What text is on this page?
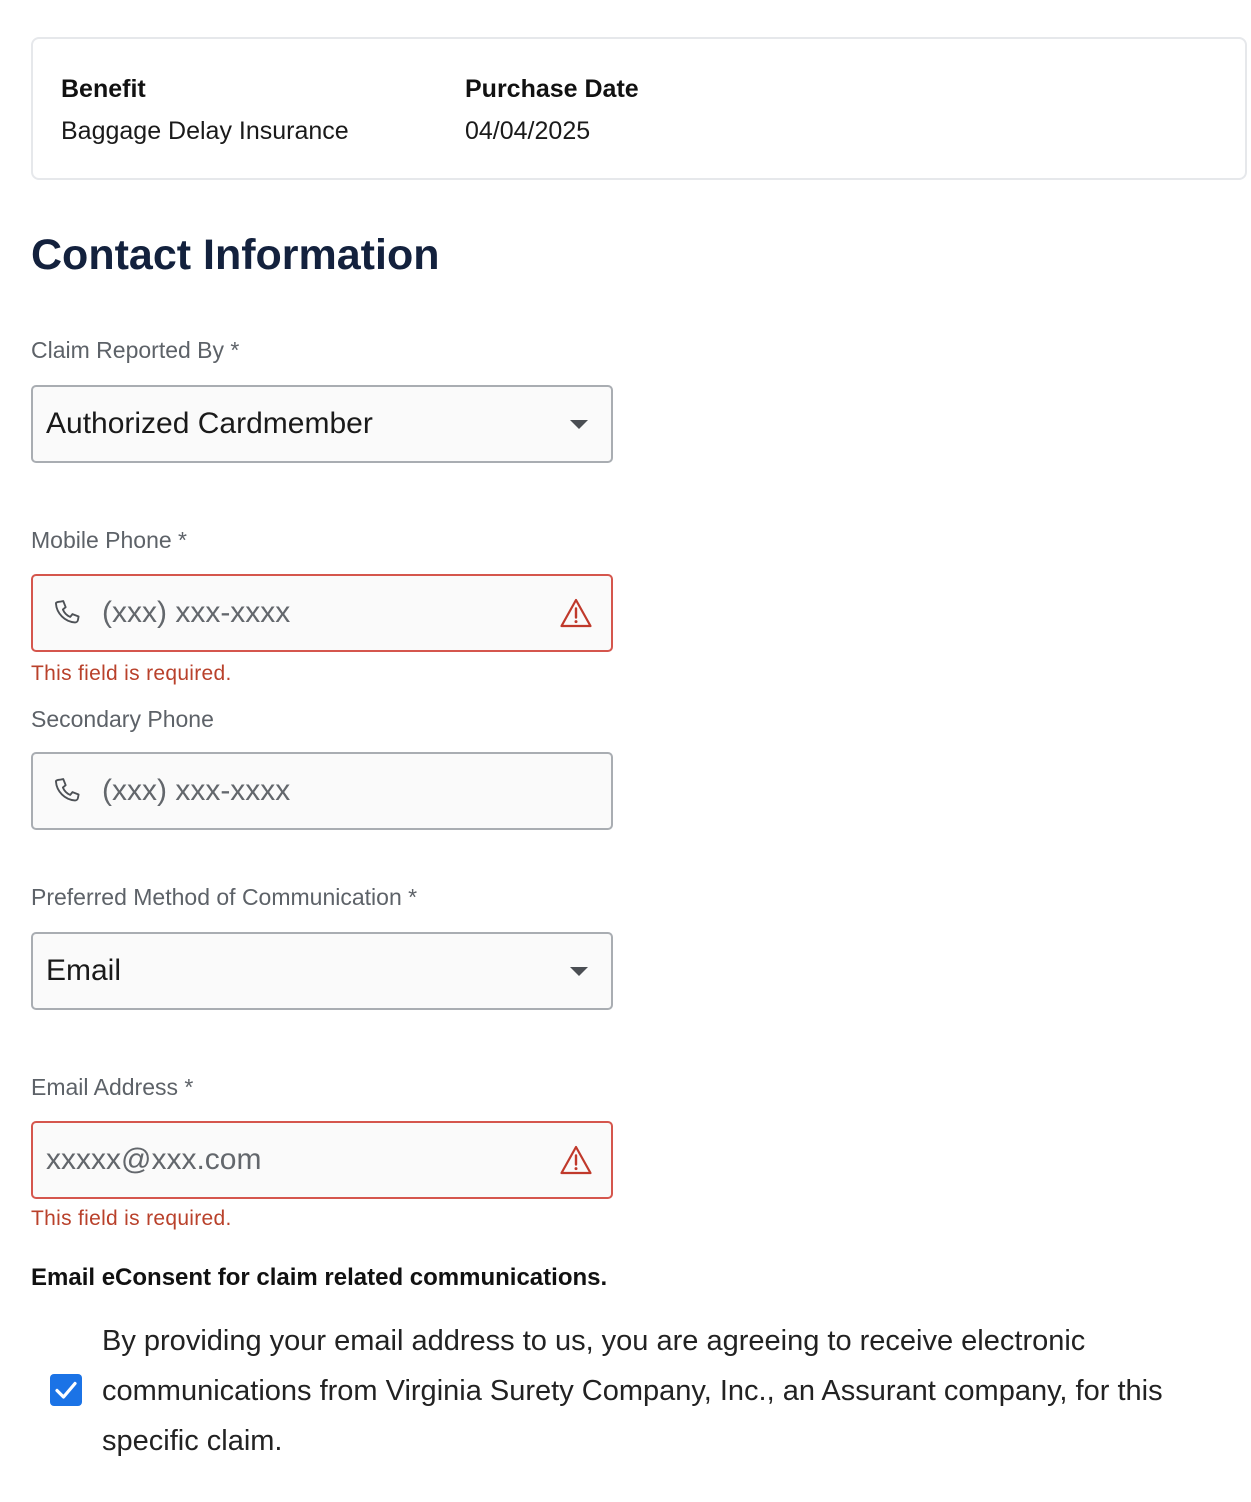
Benefit
Baggage Delay Insurance
Purchase Date
04/04/2025
Contact Information
Claim Reported By *
Authorized Cardmember
Mobile Phone *
(xxx) xxx-xxxx
This field is required.
Secondary Phone
(xxx) xxx-xxxx
Preferred Method of Communication *
Email
Email Address *
xxxxx@xxx.com
This field is required.
Email eConsent for claim related communications.
By providing your email address to us, you are agreeing to receive electronic communications from Virginia Surety Company, Inc., an Assurant company, for this specific claim.
